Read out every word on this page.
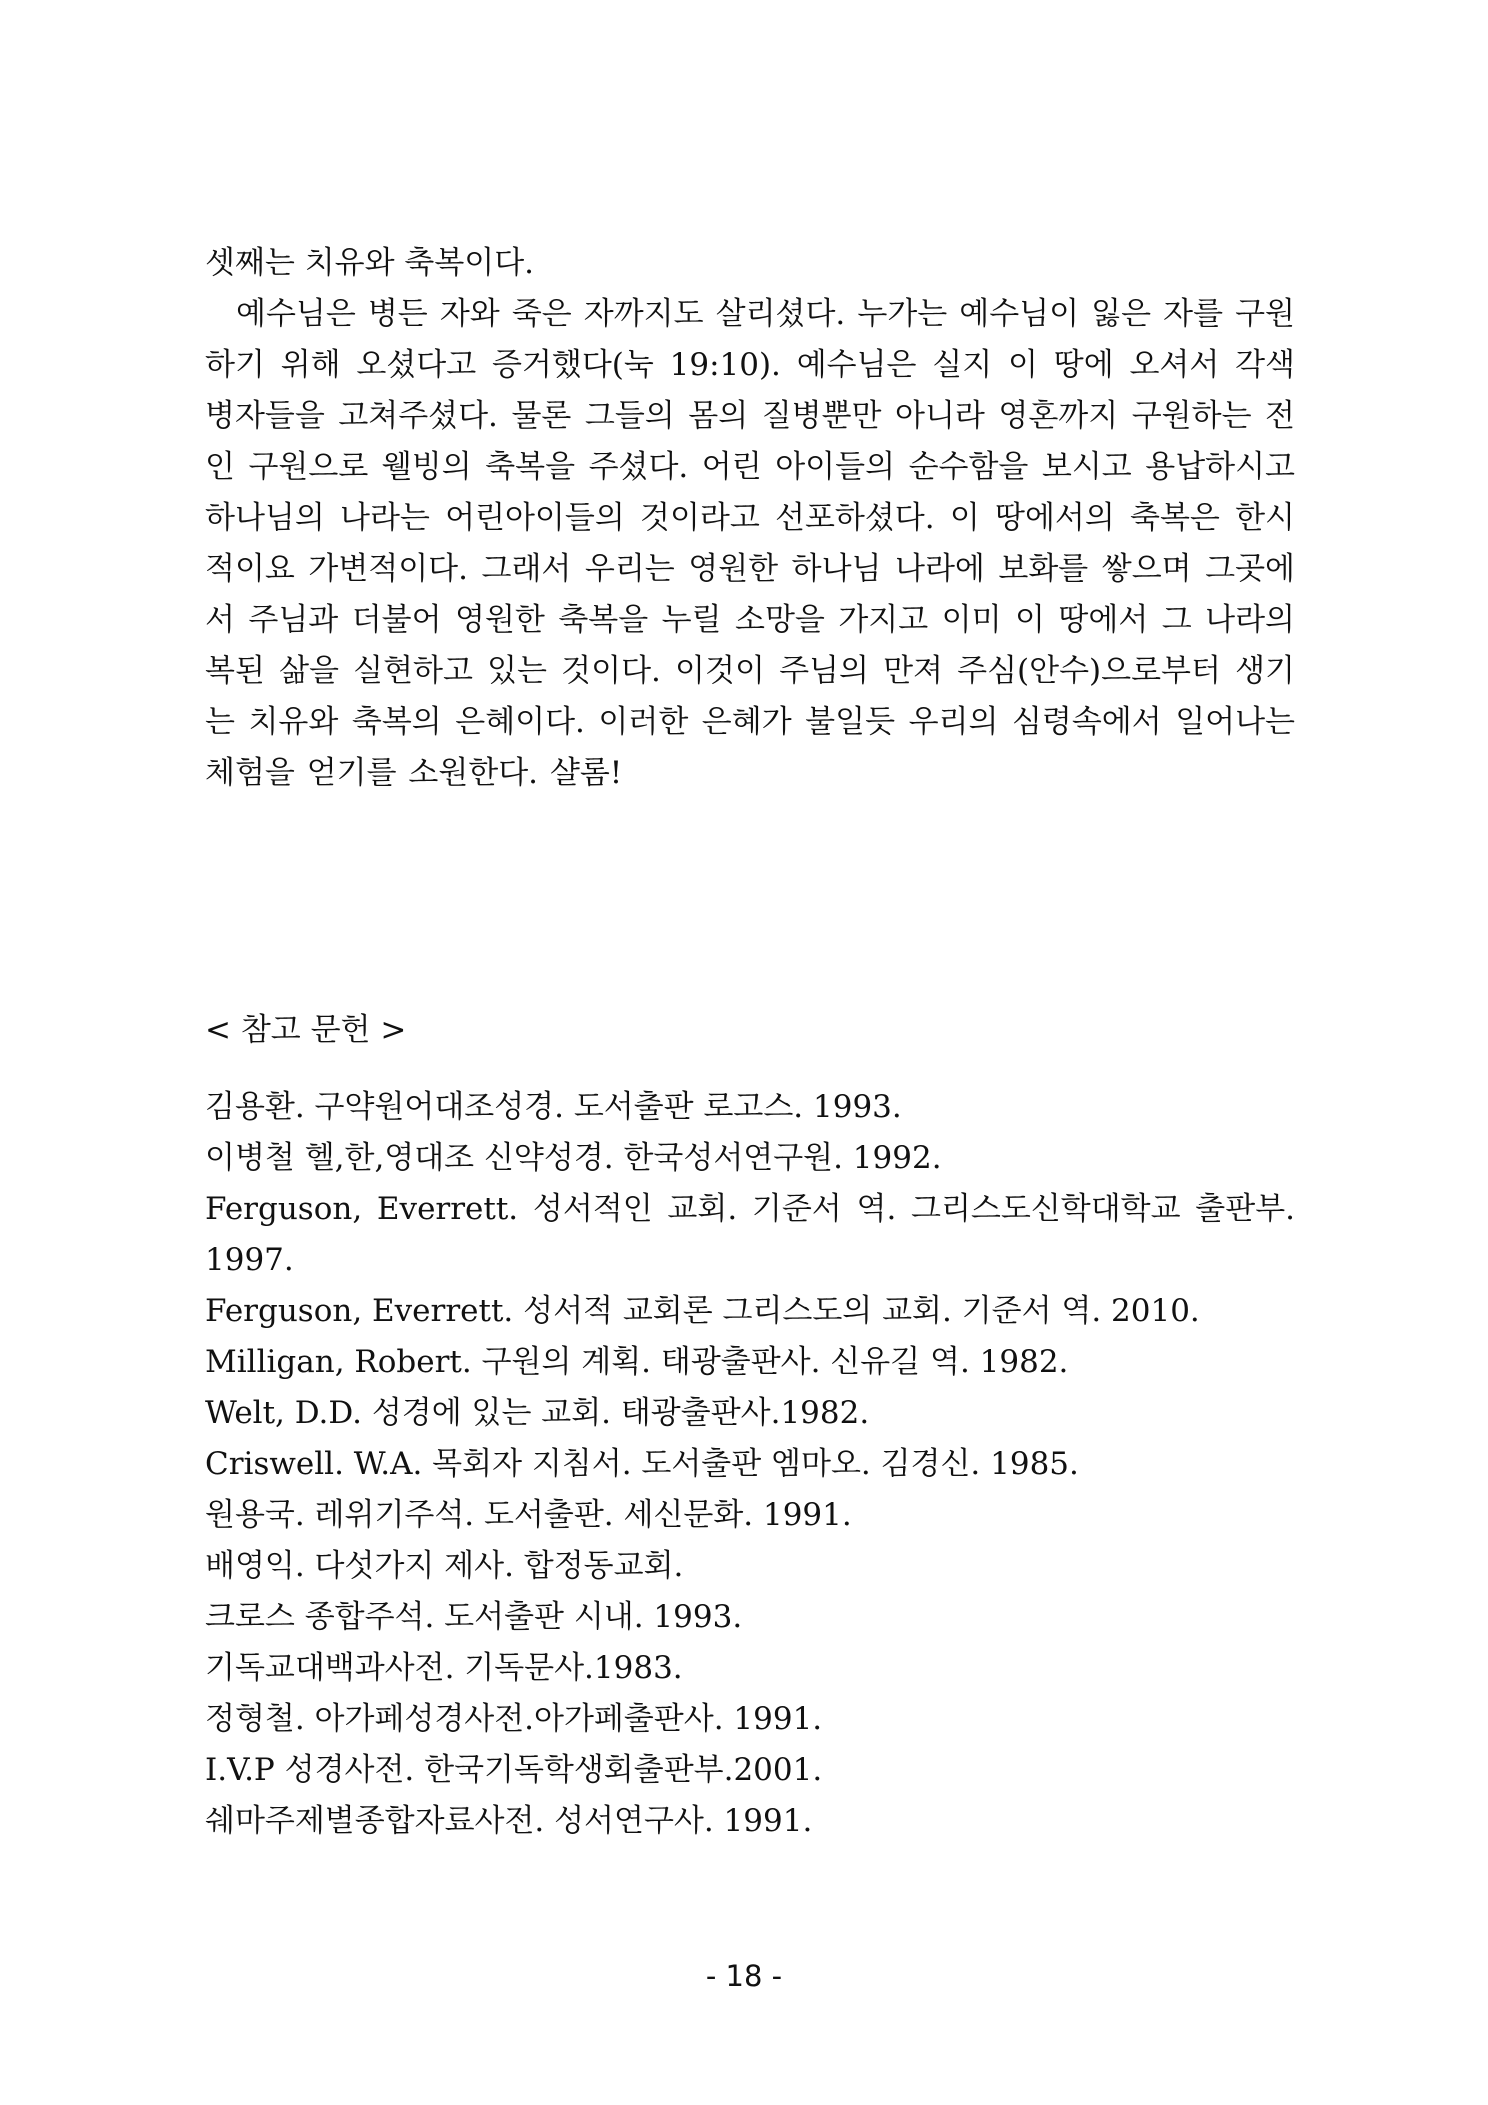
셋째는 치유와 축복이다.

예수님은 병든 자와 죽은 자까지도 살리셨다. 누가는 예수님이 잃은 자를 구원하기 위해 오셨다고 증거했다(눅 19:10). 예수님은 실지 이 땅에 오셔서 각색 병자들을 고쳐주셨다. 물론 그들의 몸의 질병뿐만 아니라 영혼까지 구원하는 전인 구원으로 웰빙의 축복을 주셨다. 어린 아이들의 순수함을 보시고 용납하시고 하나님의 나라는 어린아이들의 것이라고 선포하셨다. 이 땅에서의 축복은 한시적이요 가변적이다. 그래서 우리는 영원한 하나님 나라에 보화를 쌓으며 그곳에서 주님과 더불어 영원한 축복을 누릴 소망을 가지고 이미 이 땅에서 그 나라의 복된 삶을 실현하고 있는 것이다. 이것이 주님의 만져 주심(안수)으로부터 생기는 치유와 축복의 은혜이다. 이러한 은혜가 불일듯 우리의 심령속에서 일어나는 체험을 얻기를 소원한다. 샬롬!

< 참고 문헌 >

김용환. 구약원어대조성경. 도서출판 로고스. 1993.
이병철 헬,한,영대조 신약성경. 한국성서연구원. 1992.
Ferguson, Everrett. 성서적인 교회. 기준서 역. 그리스도신학대학교 출판부. 1997.
Ferguson, Everrett. 성서적 교회론 그리스도의 교회. 기준서 역. 2010.
Milligan, Robert. 구원의 계획. 태광출판사. 신유길 역. 1982.
Welt, D.D. 성경에 있는 교회. 태광출판사.1982.
Criswell. W.A. 목회자 지침서. 도서출판 엠마오. 김경신. 1985.
원용국. 레위기주석. 도서출판. 세신문화. 1991.
배영익. 다섯가지 제사. 합정동교회.
크로스 종합주석. 도서출판 시내. 1993.
기독교대백과사전. 기독문사.1983.
정형철. 아가페성경사전.아가페출판사. 1991.
I.V.P 성경사전. 한국기독학생회출판부.2001.
쉐마주제별종합자료사전. 성서연구사. 1991.
- 18 -
